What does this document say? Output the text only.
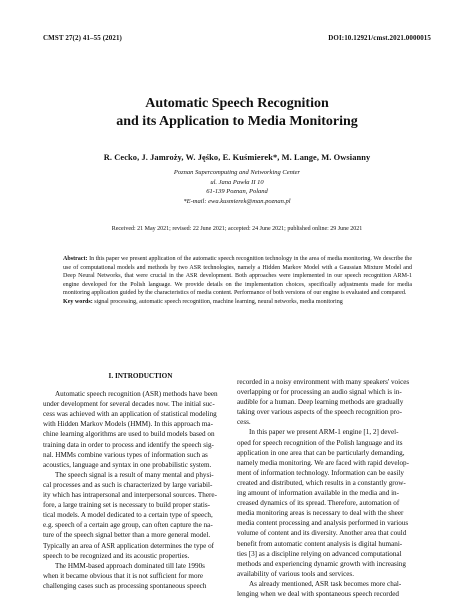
CMST 27(2) 41–55 (2021)	DOI:10.12921/cmst.2021.0000015
Automatic Speech Recognition
and its Application to Media Monitoring
R. Cecko, J. Jamroży, W. Jęśko, E. Kuśmierek*, M. Lange, M. Owsianny
Poznan Supercomputing and Networking Center
ul. Jana Pawła II 10
61-139 Poznan, Poland
*E-mail: ewa.kusmierek@man.poznan.pl
Received: 21 May 2021; revised: 22 June 2021; accepted: 24 June 2021; published online: 29 June 2021
Abstract: In this paper we present application of the automatic speech recognition technology in the area of media monitoring. We describe the use of computational models and methods by two ASR technologies, namely a Hidden Markov Model with a Gaussian Mixture Model and Deep Neural Networks, that were crucial in the ASR development. Both approaches were implemented in our speech recognition ARM-1 engine developed for the Polish language. We provide details on the implementation choices, specifically adjustments made for media monitoring application guided by the characteristics of media content. Performance of both versions of our engine is evaluated and compared.
Key words: signal processing, automatic speech recognition, machine learning, neural networks, media monitoring
I. INTRODUCTION
Automatic speech recognition (ASR) methods have been
under development for several decades now. The initial suc-
cess was achieved with an application of statistical modeling
with Hidden Markov Models (HMM). In this approach ma-
chine learning algorithms are used to build models based on
training data in order to process and identify the speech sig-
nal. HMMs combine various types of information such as
acoustics, language and syntax in one probabilistic system.
The speech signal is a result of many mental and physi-
cal processes and as such is characterized by large variabil-
ity which has intrapersonal and interpersonal sources. There-
fore, a large training set is necessary to build proper statis-
tical models. A model dedicated to a certain type of speech,
e.g. speech of a certain age group, can often capture the na-
ture of the speech signal better than a more general model.
Typically an area of ASR application determines the type of
speech to be recognized and its acoustic properties.
The HMM-based approach dominated till late 1990s
when it became obvious that it is not sufficient for more
challenging cases such as processing spontaneous speech
recorded in a noisy environment with many speakers' voices
overlapping or for processing an audio signal which is in-
audible for a human. Deep learning methods are gradually
taking over various aspects of the speech recognition pro-
cess.
In this paper we present ARM-1 engine [1, 2] devel-
oped for speech recognition of the Polish language and its
application in one area that can be particularly demanding,
namely media monitoring. We are faced with rapid develop-
ment of information technology. Information can be easily
created and distributed, which results in a constantly grow-
ing amount of information available in the media and in-
creased dynamics of its spread. Therefore, automation of
media monitoring areas is necessary to deal with the sheer
media content processing and analysis performed in various
volume of content and its diversity. Another area that could
benefit from automatic content analysis is digital humani-
ties [3] as a discipline relying on advanced computational
methods and experiencing dynamic growth with increasing
availability of various tools and services.
As already mentioned, ASR task becomes more chal-
lenging when we deal with spontaneous speech recorded
